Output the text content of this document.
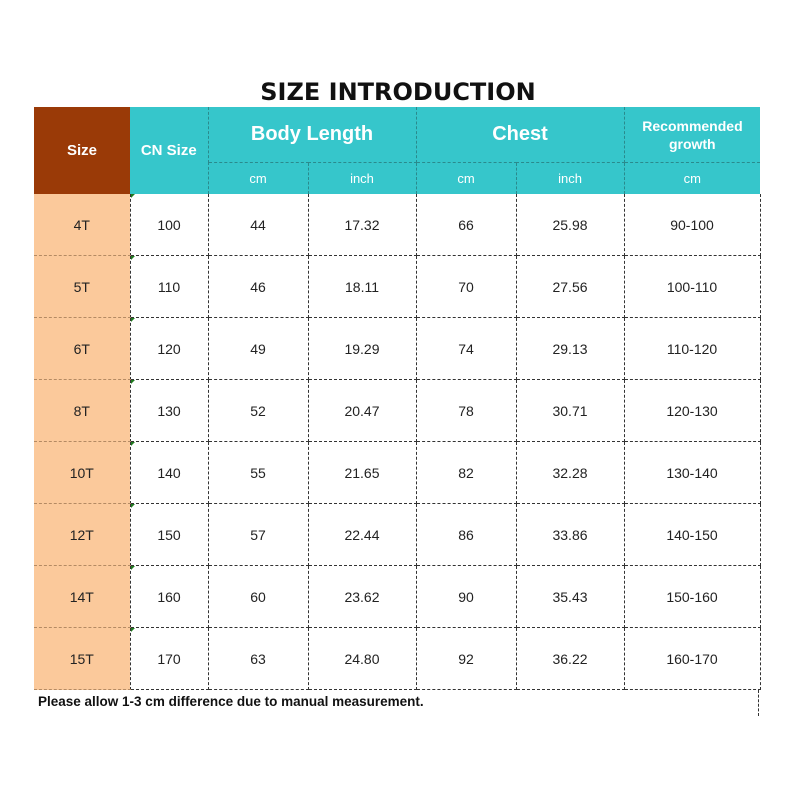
SIZE INTRODUCTION
Size	CN Size	Body Length		Chest		Recommended growth

		cm	inch	cm	inch	cm
4T	100	44	17.32	66	25.98	90-100
5T	110	46	18.11	70	27.56	100-110
6T	120	49	19.29	74	29.13	110-120
8T	130	52	20.47	78	30.71	120-130
10T	140	55	21.65	82	32.28	130-140
12T	150	57	22.44	86	33.86	140-150
14T	160	60	23.62	90	35.43	150-160
15T	170	63	24.80	92	36.22	160-170
Please allow 1-3 cm difference due to manual measurement.
